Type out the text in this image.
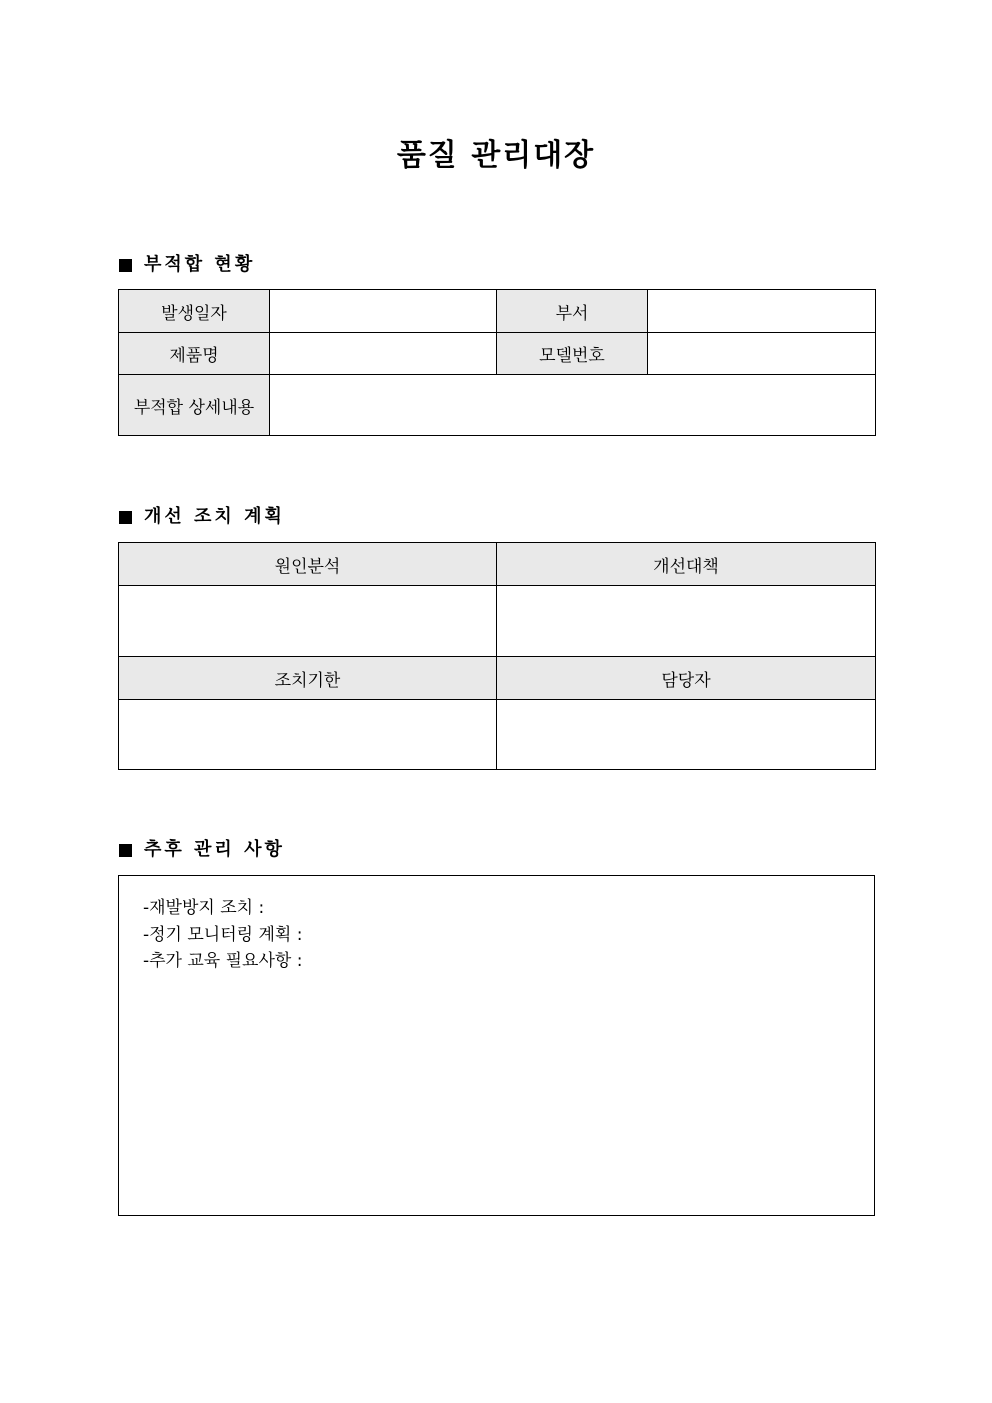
품질 관리대장
부적합 현황
발생일자		부서	
제품명		모델번호	
부적합 상세내용			
개선 조치 계획
원인분석	개선대책

조치기한	담당자

추후 관리 사항
-재발방지 조치 :
-정기 모니터링 계획 :
-추가 교육 필요사항 :
